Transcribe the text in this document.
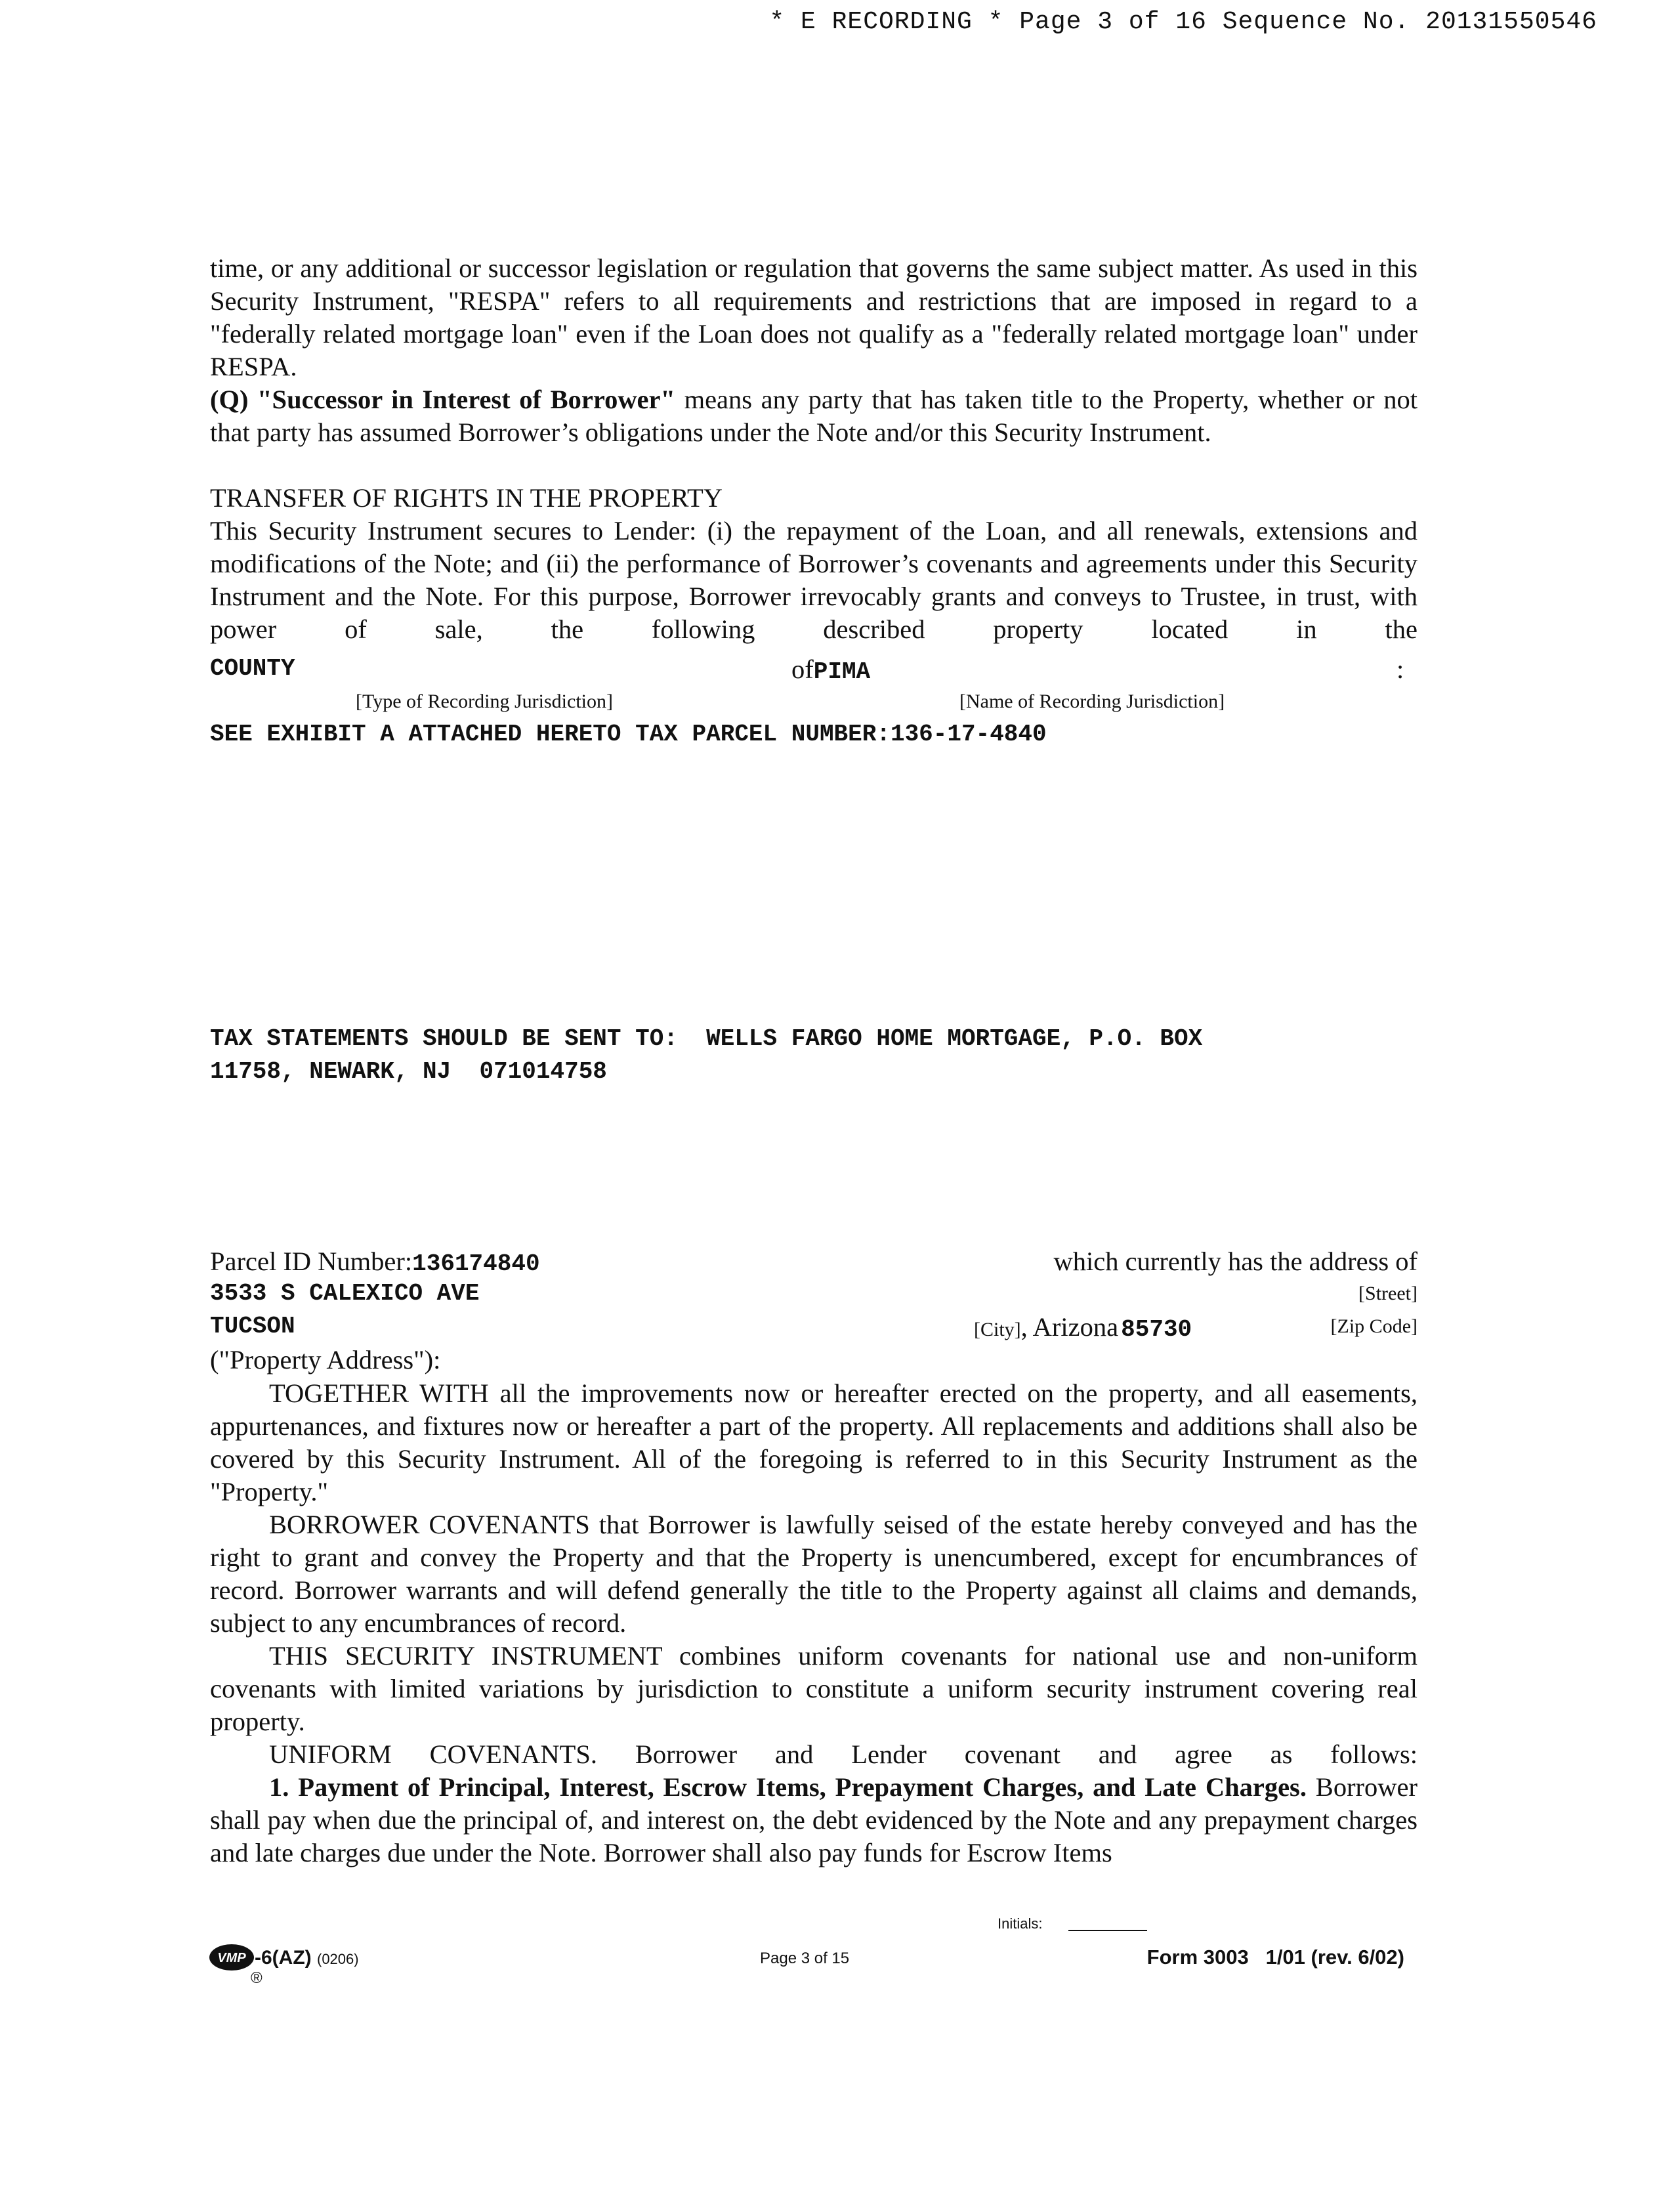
* E RECORDING * Page 3 of 16 Sequence No. 20131550546

time, or any additional or successor legislation or regulation that governs the same subject matter. As used in this Security Instrument, "RESPA" refers to all requirements and restrictions that are imposed in regard to a "federally related mortgage loan" even if the Loan does not qualify as a "federally related mortgage loan" under RESPA.

(Q) "Successor in Interest of Borrower" means any party that has taken title to the Property, whether or not that party has assumed Borrower’s obligations under the Note and/or this Security Instrument.

TRANSFER OF RIGHTS IN THE PROPERTY

This Security Instrument secures to Lender: (i) the repayment of the Loan, and all renewals, extensions and modifications of the Note; and (ii) the performance of Borrower’s covenants and agreements under this Security Instrument and the Note. For this purpose, Borrower irrevocably grants and conveys to Trustee, in trust, with power of sale, the following described property located in the

COUNTY	ofPIMA	:
[Type of Recording Jurisdiction]	[Name of Recording Jurisdiction]
SEE EXHIBIT A ATTACHED HERETO TAX PARCEL NUMBER:136-17-4840
TAX STATEMENTS SHOULD BE SENT TO:  WELLS FARGO HOME MORTGAGE, P.O. BOX
11758, NEWARK, NJ  071014758
Parcel ID Number:136174840	which currently has the address of
3533 S CALEXICO AVE	[Street]
TUCSON	[City], Arizona 85730	[Zip Code]
("Property Address"):

TOGETHER WITH all the improvements now or hereafter erected on the property, and all easements, appurtenances, and fixtures now or hereafter a part of the property. All replacements and additions shall also be covered by this Security Instrument. All of the foregoing is referred to in this Security Instrument as the "Property."

BORROWER COVENANTS that Borrower is lawfully seised of the estate hereby conveyed and has the right to grant and convey the Property and that the Property is unencumbered, except for encumbrances of record. Borrower warrants and will defend generally the title to the Property against all claims and demands, subject to any encumbrances of record.

THIS SECURITY INSTRUMENT combines uniform covenants for national use and non-uniform covenants with limited variations by jurisdiction to constitute a uniform security instrument covering real property.

UNIFORM COVENANTS. Borrower and Lender covenant and agree as follows:

1. Payment of Principal, Interest, Escrow Items, Prepayment Charges, and Late Charges. Borrower shall pay when due the principal of, and interest on, the debt evidenced by the Note and any prepayment charges and late charges due under the Note. Borrower shall also pay funds for Escrow Items

VMP -6(AZ) (0206)
®
Page 3 of 15
Initials:
Form 3003   1/01 (rev. 6/02)
